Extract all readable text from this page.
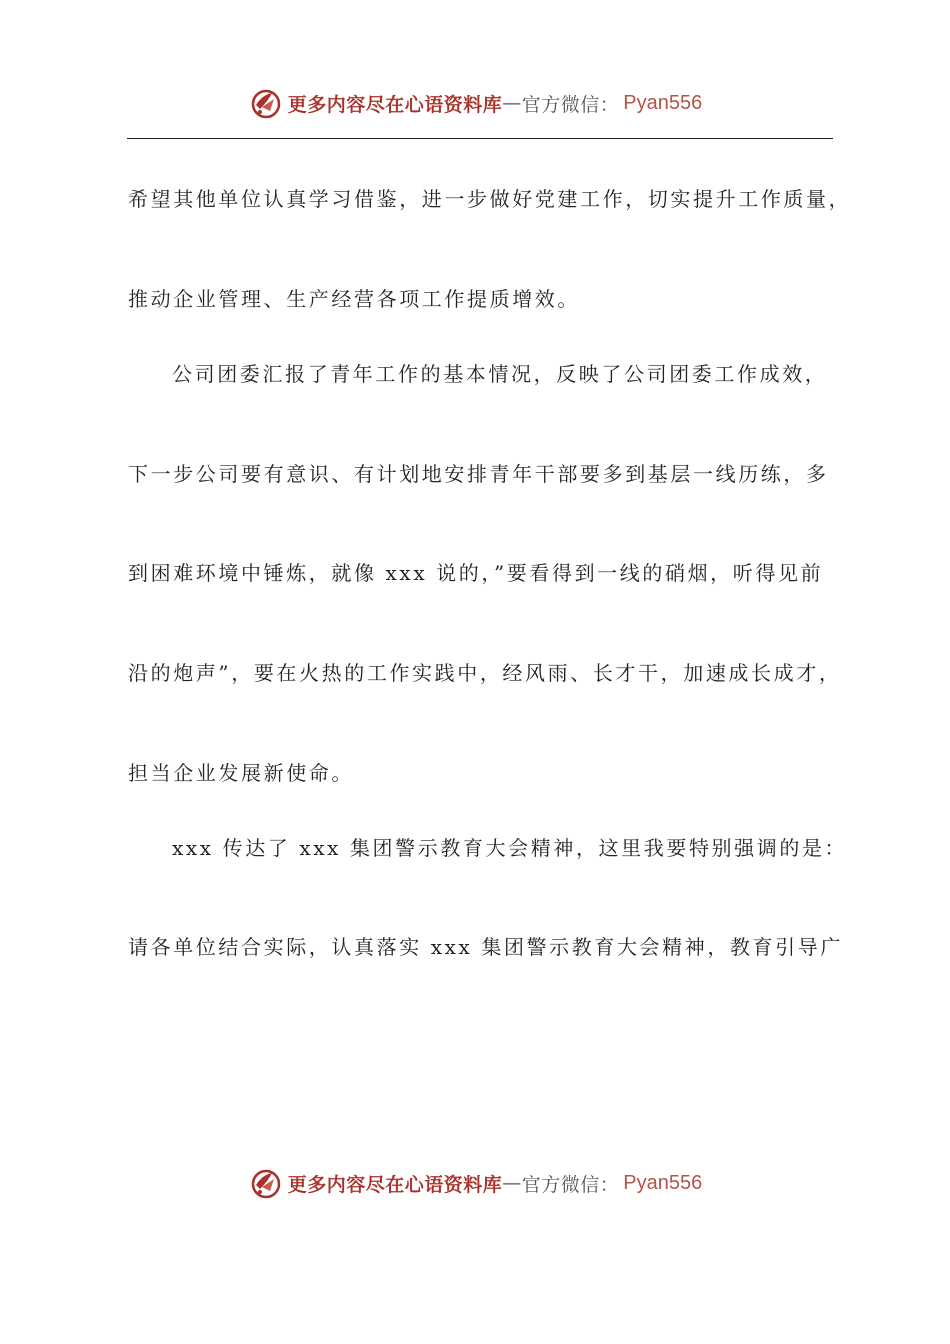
更多内容尽在心语资料库 — 官方微信： Pyan556
希望其他单位认真学习借鉴，进一步做好党建工作，切实提升工作质量，
推动企业管理、生产经营各项工作提质增效。
公司团委汇报了青年工作的基本情况，反映了公司团委工作成效，
下一步公司要有意识、有计划地安排青年干部要多到基层一线历练，多
到困难环境中锤炼，就像 xxx 说的，”要看得到一线的硝烟，听得见前
沿的炮声”，要在火热的工作实践中，经风雨、长才干，加速成长成才，
担当企业发展新使命。
xxx 传达了 xxx 集团警示教育大会精神，这里我要特别强调的是：
请各单位结合实际，认真落实 xxx 集团警示教育大会精神，教育引导广
更多内容尽在心语资料库 — 官方微信： Pyan556
